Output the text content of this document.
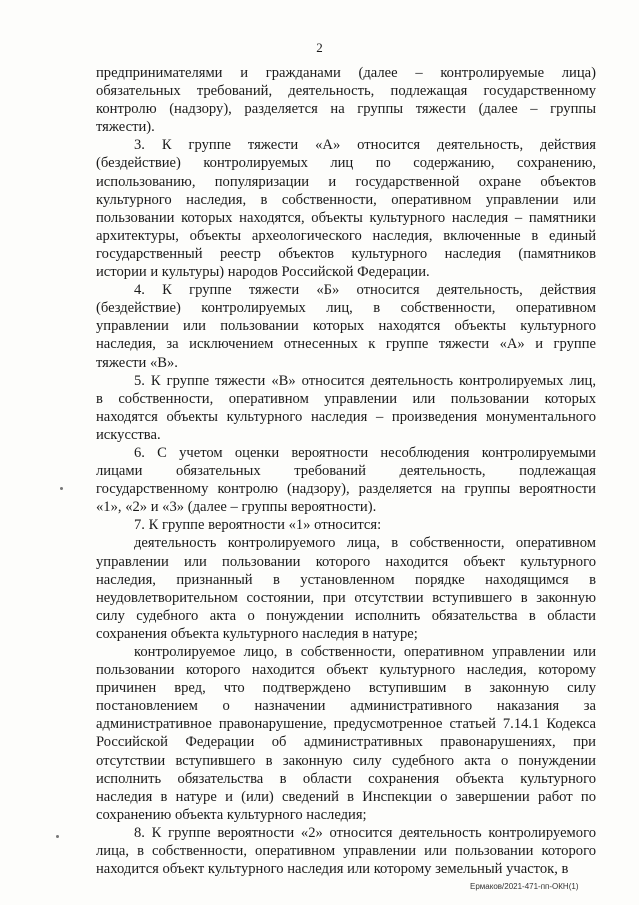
2
предпринимателями и гражданами (далее – контролируемые лица)
обязательных требований, деятельность, подлежащая государственному
контролю (надзору), разделяется на группы тяжести (далее – группы
тяжести).
3. К группе тяжести «А» относится деятельность, действия
(бездействие) контролируемых лиц по содержанию, сохранению,
использованию, популяризации и государственной охране объектов
культурного наследия, в собственности, оперативном управлении или
пользовании которых находятся, объекты культурного наследия – памятники
архитектуры, объекты археологического наследия, включенные в единый
государственный реестр объектов культурного наследия (памятников
истории и культуры) народов Российской Федерации.
4. К группе тяжести «Б» относится деятельность, действия
(бездействие) контролируемых лиц, в собственности, оперативном
управлении или пользовании которых находятся объекты культурного
наследия, за исключением отнесенных к группе тяжести «А» и группе
тяжести «В».
5. К группе тяжести «В» относится деятельность контролируемых лиц,
в собственности, оперативном управлении или пользовании которых
находятся объекты культурного наследия – произведения монументального
искусства.
6. С учетом оценки вероятности несоблюдения контролируемыми
лицами обязательных требований деятельность, подлежащая
государственному контролю (надзору), разделяется на группы вероятности
«1», «2» и «3» (далее – группы вероятности).
7. К группе вероятности «1» относится:
деятельность контролируемого лица, в собственности, оперативном
управлении или пользовании которого находится объект культурного
наследия, признанный в установленном порядке находящимся в
неудовлетворительном состоянии, при отсутствии вступившего в законную
силу судебного акта о понуждении исполнить обязательства в области
сохранения объекта культурного наследия в натуре;
контролируемое лицо, в собственности, оперативном управлении или
пользовании которого находится объект культурного наследия, которому
причинен вред, что подтверждено вступившим в законную силу
постановлением о назначении административного наказания за
административное правонарушение, предусмотренное статьей 7.14.1 Кодекса
Российской Федерации об административных правонарушениях, при
отсутствии вступившего в законную силу судебного акта о понуждении
исполнить обязательства в области сохранения объекта культурного
наследия в натуре и (или) сведений в Инспекции о завершении работ по
сохранению объекта культурного наследия;
8. К группе вероятности «2» относится деятельность контролируемого
лица, в собственности, оперативном управлении или пользовании которого
находится объект культурного наследия или которому земельный участок, в
Ермаков/2021-471-пп-ОКН(1)
